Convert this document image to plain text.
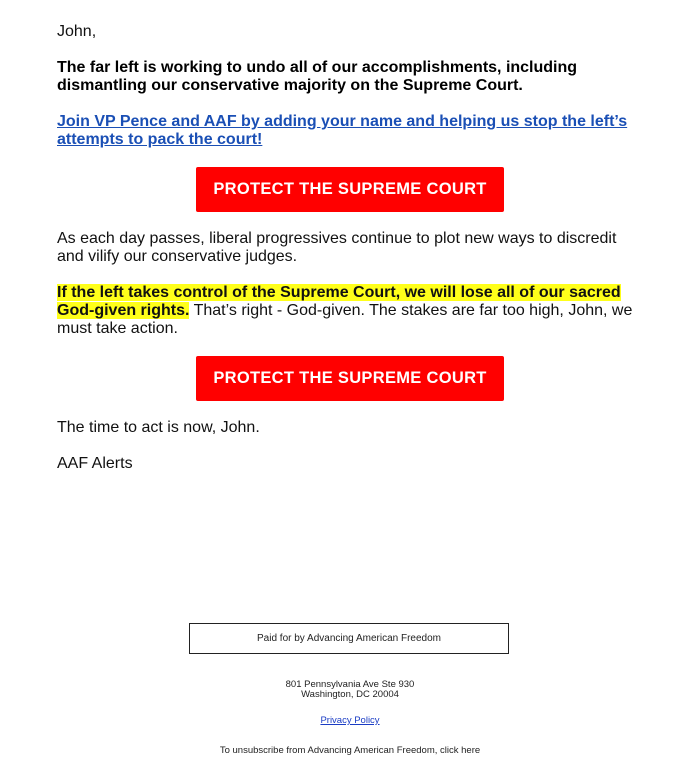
John,

The far left is working to undo all of our accomplishments, including dismantling our conservative majority on the Supreme Court.

Join VP Pence and AAF by adding your name and helping us stop the left’s attempts to pack the court!

PROTECT THE SUPREME COURT

As each day passes, liberal progressives continue to plot new ways to discredit and vilify our conservative judges.

If the left takes control of the Supreme Court, we will lose all of our sacred God-given rights. That’s right - God-given. The stakes are far too high, John, we must take action.

PROTECT THE SUPREME COURT

The time to act is now, John.

AAF Alerts

Paid for by Advancing American Freedom
801 Pennsylvania Ave Ste 930
Washington, DC 20004
Privacy Policy
To unsubscribe from Advancing American Freedom, click here
